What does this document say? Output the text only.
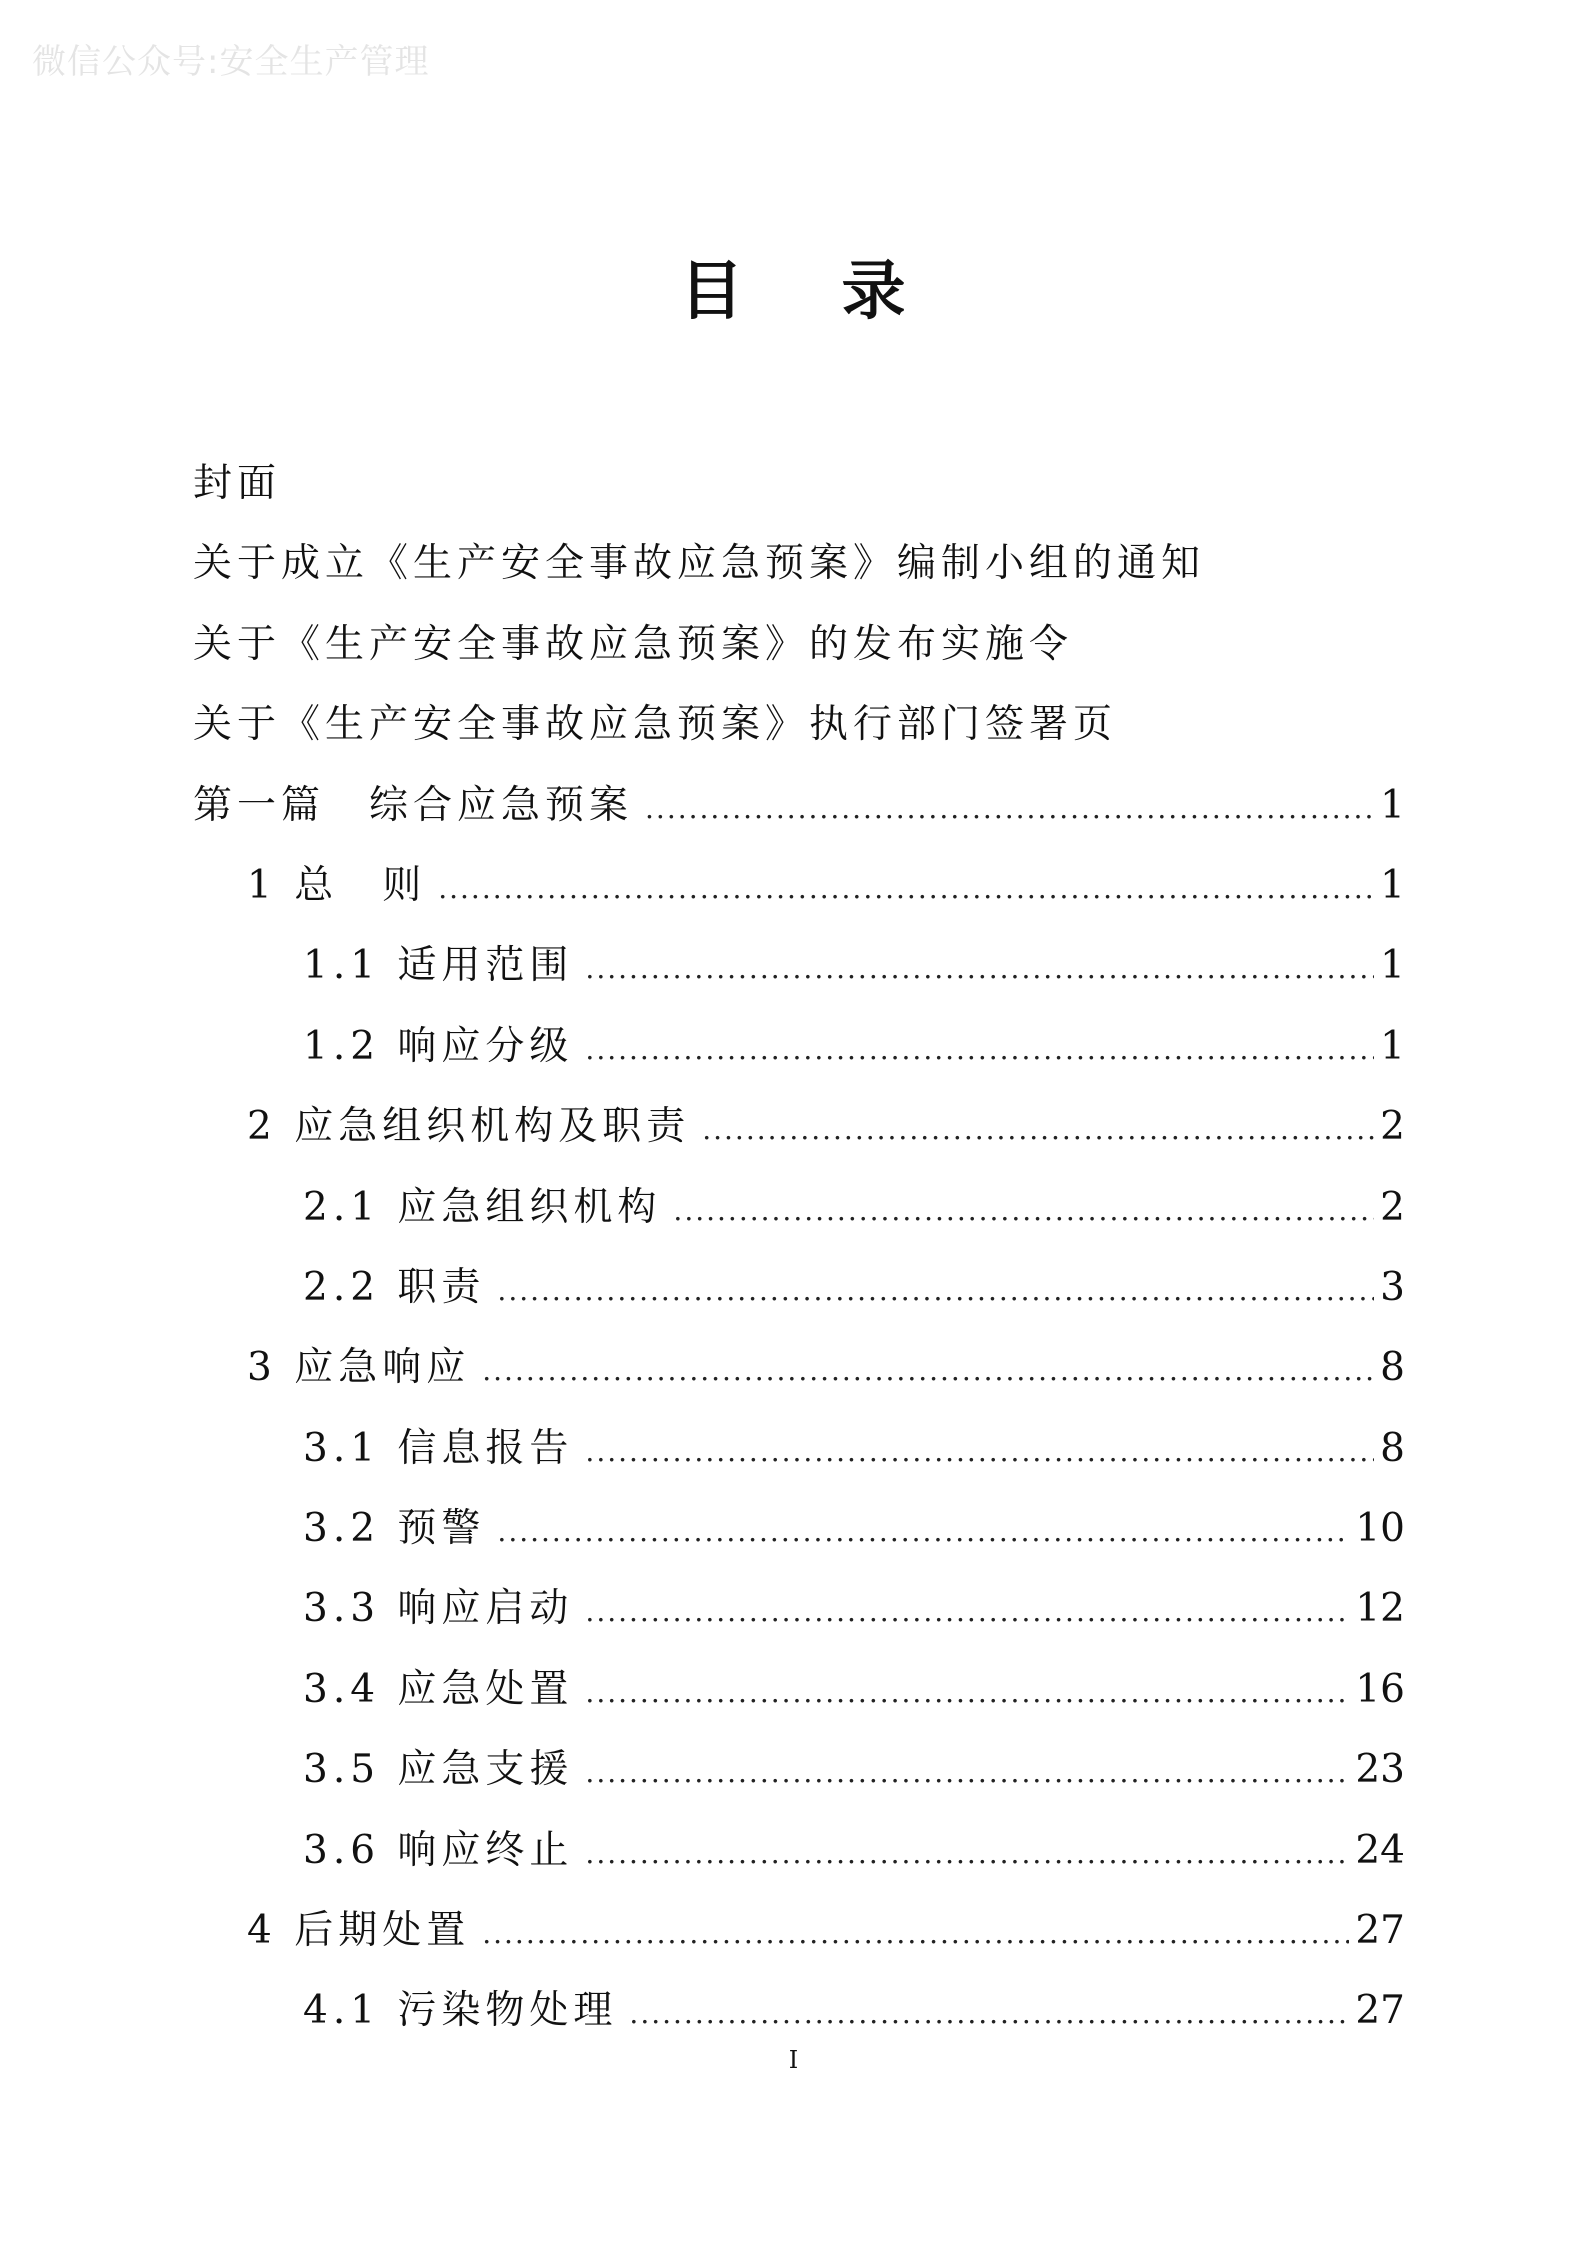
微信公众号:安全生产管理
目 录
封面
关于成立《生产安全事故应急预案》编制小组的通知
关于《生产安全事故应急预案》的发布实施令
关于《生产安全事故应急预案》执行部门签署页
第一篇　综合应急预案 .....	1
1 总　则 .....	1
1.1 适用范围 .....	1
1.2 响应分级 .....	1
2 应急组织机构及职责 .....	2
2.1 应急组织机构 .....	2
2.2 职责 .....	3
3 应急响应 .....	8
3.1 信息报告 .....	8
3.2 预警 .....	10
3.3 响应启动 .....	12
3.4 应急处置 .....	16
3.5 应急支援 .....	23
3.6 响应终止 .....	24
4 后期处置 .....	27
4.1 污染物处理 .....	27
I
